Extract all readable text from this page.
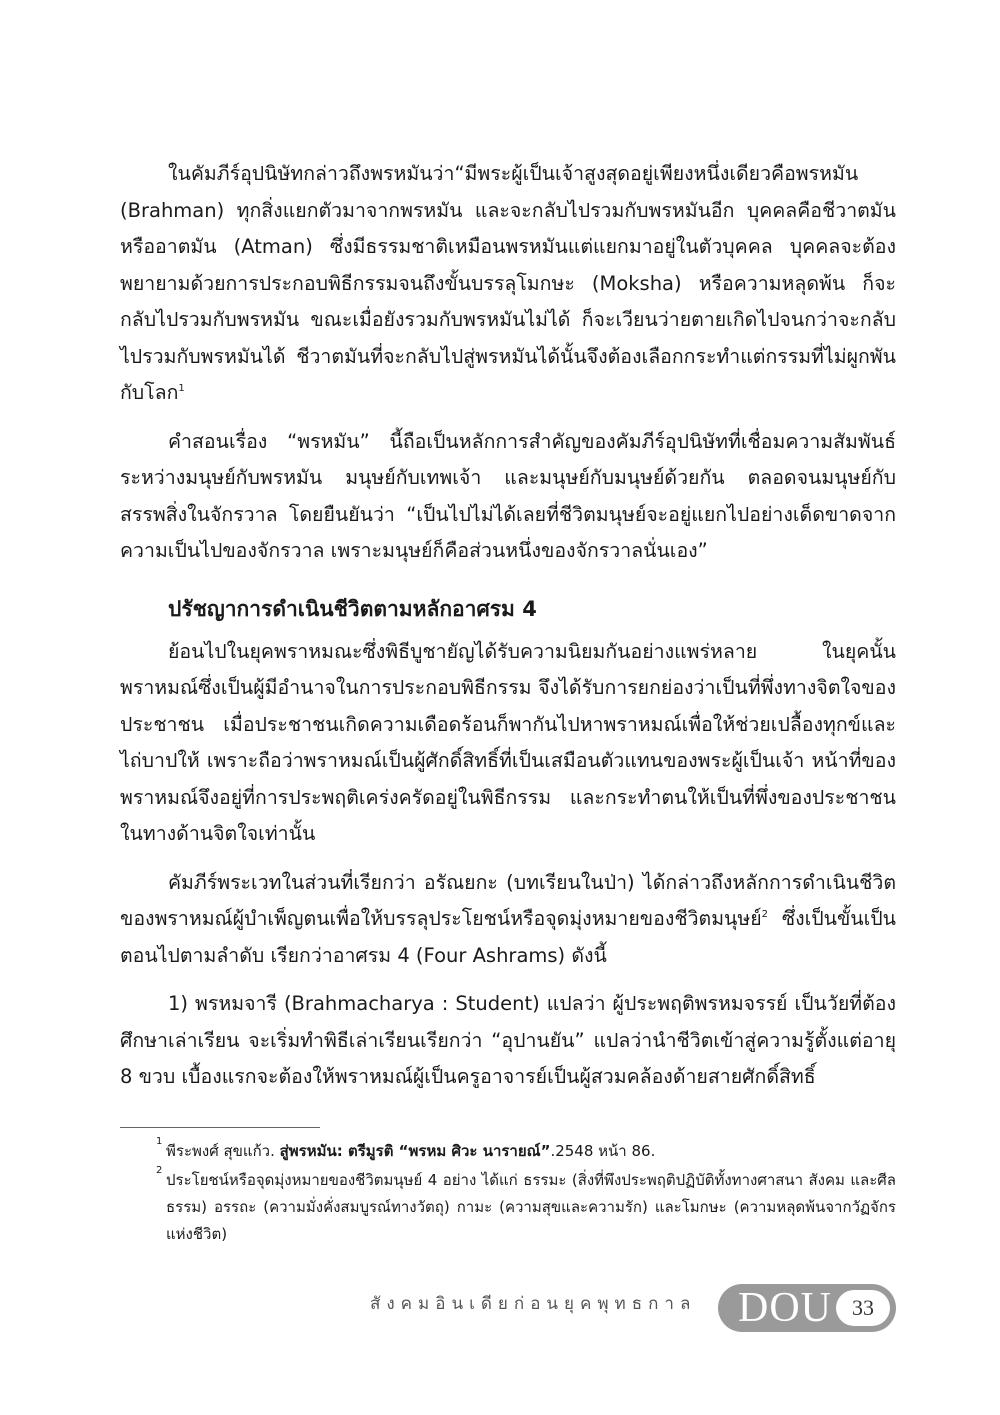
ในคัมภีร์อุปนิษัทกล่าวถึงพรหมันว่า“มีพระผู้เป็นเจ้าสูงสุดอยู่เพียงหนึ่งเดียวคือพรหมัน (Brahman) ทุกสิ่งแยกตัวมาจากพรหมัน และจะกลับไปรวมกับพรหมันอีก บุคคลคือชีวาตมัน หรืออาตมัน (Atman) ซึ่งมีธรรมชาติเหมือนพรหมันแต่แยกมาอยู่ในตัวบุคคล บุคคลจะต้องพยายามด้วยการประกอบพิธีกรรมจนถึงขั้นบรรลุโมกษะ (Moksha) หรือความหลุดพ้น ก็จะกลับไปรวมกับพรหมัน ขณะเมื่อยังรวมกับพรหมันไม่ได้ ก็จะเวียนว่ายตายเกิดไปจนกว่าจะกลับไปรวมกับพรหมันได้ ชีวาตมันที่จะกลับไปสู่พรหมันได้นั้นจึงต้องเลือกกระทำแต่กรรมที่ไม่ผูกพันกับโลก$^1$

คำสอนเรื่อง “พรหมัน” นี้ถือเป็นหลักการสำคัญของคัมภีร์อุปนิษัทที่เชื่อมความสัมพันธ์ระหว่างมนุษย์กับพรหมัน มนุษย์กับเทพเจ้า และมนุษย์กับมนุษย์ด้วยกัน ตลอดจนมนุษย์กับ สรรพสิ่งในจักรวาล โดยยืนยันว่า “เป็นไปไม่ได้เลยที่ชีวิตมนุษย์จะอยู่แยกไปอย่างเด็ดขาดจากความเป็นไปของจักรวาล เพราะมนุษย์ก็คือส่วนหนึ่งของจักรวาลนั่นเอง”

ปรัชญาการดำเนินชีวิตตามหลักอาศรม 4

ย้อนไปในยุคพราหมณะซึ่งพิธีบูชายัญได้รับความนิยมกันอย่างแพร่หลาย ในยุคนั้นพราหมณ์ซึ่งเป็นผู้มีอำนาจในการประกอบพิธีกรรม จึงได้รับการยกย่องว่าเป็นที่พึ่งทางจิตใจของประชาชน เมื่อประชาชนเกิดความเดือดร้อนก็พากันไปหาพราหมณ์เพื่อให้ช่วยเปลื้องทุกข์และไถ่บาปให้ เพราะถือว่าพราหมณ์เป็นผู้ศักดิ์สิทธิ์ที่เป็นเสมือนตัวแทนของพระผู้เป็นเจ้า หน้าที่ของพราหมณ์จึงอยู่ที่การประพฤติเคร่งครัดอยู่ในพิธีกรรม และกระทำตนให้เป็นที่พึ่งของประชาชนในทางด้านจิตใจเท่านั้น

คัมภีร์พระเวทในส่วนที่เรียกว่า อรัณยกะ (บทเรียนในป่า) ได้กล่าวถึงหลักการดำเนินชีวิตของพราหมณ์ผู้บำเพ็ญตนเพื่อให้บรรลุประโยชน์หรือจุดมุ่งหมายของชีวิตมนุษย์$^2$ ซึ่งเป็นขั้นเป็นตอนไปตามลำดับ เรียกว่าอาศรม 4 (Four Ashrams) ดังนี้

1) พรหมจารี (Brahmacharya : Student) แปลว่า ผู้ประพฤติพรหมจรรย์ เป็นวัยที่ต้องศึกษาเล่าเรียน จะเริ่มทำพิธีเล่าเรียนเรียกว่า “อุปานยัน” แปลว่านำชีวิตเข้าสู่ความรู้ตั้งแต่อายุ 8 ขวบ เบื้องแรกจะต้องให้พราหมณ์ผู้เป็นครูอาจารย์เป็นผู้สวมคล้องด้ายสายศักดิ์สิทธิ์

1
พีระพงศ์ สุขแก้ว. สู่พรหมัน: ตรีมูรติ “พรหม ศิวะ นารายณ์”.2548 หน้า 86.
2
ประโยชน์หรือจุดมุ่งหมายของชีวิตมนุษย์ 4 อย่าง ได้แก่ ธรรมะ (สิ่งที่พึงประพฤติปฏิบัติทั้งทางศาสนา สังคม และศีลธรรม) อรรถะ (ความมั่งคั่งสมบูรณ์ทางวัตถุ) กามะ (ความสุขและความรัก) และโมกษะ (ความหลุดพ้นจากวัฏจักรแห่งชีวิต)
สังคมอินเดียก่อนยุคพุทธกาล DOU 33
